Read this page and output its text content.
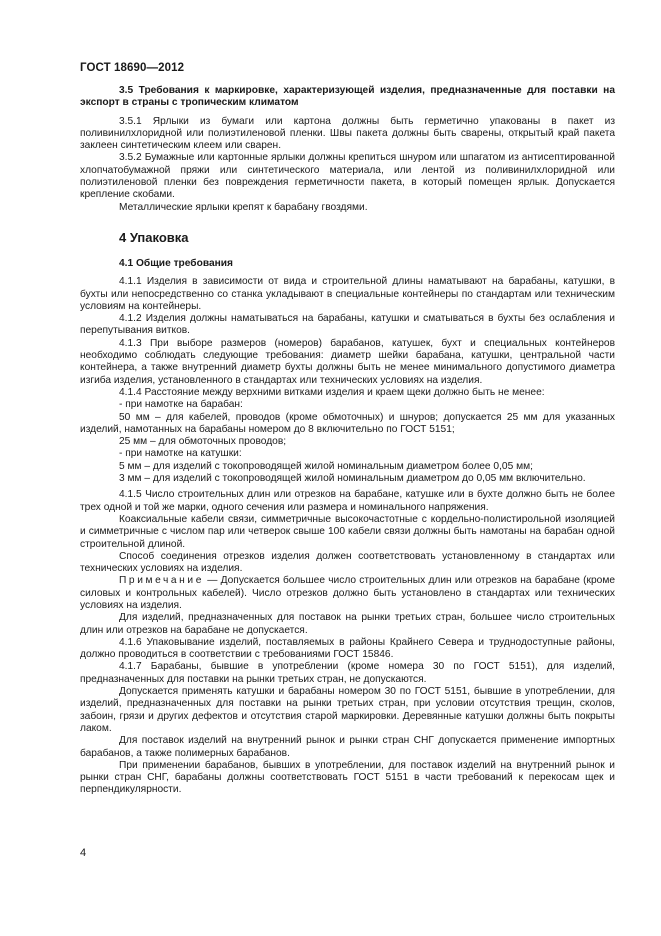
ГОСТ 18690—2012

3.5 Требования к маркировке, характеризующей изделия, предназначенные для поставки на экспорт в страны с тропическим климатом

3.5.1 Ярлыки из бумаги или картона должны быть герметично упакованы в пакет из поливинилхлоридной или полиэтиленовой пленки. Швы пакета должны быть сварены, открытый край пакета заклеен синтетическим клеем или сварен.

3.5.2 Бумажные или картонные ярлыки должны крепиться шнуром или шпагатом из антисептированной хлопчатобумажной пряжи или синтетического материала, или лентой из поливинилхлоридной или полиэтиленовой пленки без повреждения герметичности пакета, в который помещен ярлык. Допускается крепление скобами.

Металлические ярлыки крепят к барабану гвоздями.

4 Упаковка
4.1 Общие требования

4.1.1 Изделия в зависимости от вида и строительной длины наматывают на барабаны, катушки, в бухты или непосредственно со станка укладывают в специальные контейнеры по стандартам или техническим условиям на контейнеры.

4.1.2 Изделия должны наматываться на барабаны, катушки и сматываться в бухты без ослабления и перепутывания витков.

4.1.3 При выборе размеров (номеров) барабанов, катушек, бухт и специальных контейнеров необходимо соблюдать следующие требования: диаметр шейки барабана, катушки, центральной части контейнера, а также внутренний диаметр бухты должны быть не менее минимального допустимого диаметра изгиба изделия, установленного в стандартах или технических условиях на изделия.

4.1.4 Расстояние между верхними витками изделия и краем щеки должно быть не менее:

- при намотке на барабан:

50 мм – для кабелей, проводов (кроме обмоточных) и шнуров; допускается 25 мм для указанных изделий, намотанных на барабаны номером до 8 включительно по ГОСТ 5151;

25 мм – для обмоточных проводов;

- при намотке на катушки:

5 мм – для изделий с токопроводящей жилой номинальным диаметром более 0,05 мм;

3 мм – для изделий с токопроводящей жилой номинальным диаметром до 0,05 мм включительно.

4.1.5 Число строительных длин или отрезков на барабане, катушке или в бухте должно быть не более трех одной и той же марки, одного сечения или размера и номинального напряжения.

Коаксиальные кабели связи, симметричные высокочастотные с кордельно-полистирольной изоляцией и симметричные с числом пар или четверок свыше 100 кабели связи должны быть намотаны на барабан одной строительной длиной.

Способ соединения отрезков изделия должен соответствовать установленному в стандартах или технических условиях на изделия.

Примечание — Допускается большее число строительных длин или отрезков на барабане (кроме силовых и контрольных кабелей). Число отрезков должно быть установлено в стандартах или технических условиях на изделия.

Для изделий, предназначенных для поставок на рынки третьих стран, большее число строительных длин или отрезков на барабане не допускается.

4.1.6 Упаковывание изделий, поставляемых в районы Крайнего Севера и труднодоступные районы, должно проводиться в соответствии с требованиями ГОСТ 15846.

4.1.7 Барабаны, бывшие в употреблении (кроме номера 30 по ГОСТ 5151), для изделий, предназначенных для поставки на рынки третьих стран, не допускаются.

Допускается применять катушки и барабаны номером 30 по ГОСТ 5151, бывшие в употреблении, для изделий, предназначенных для поставки на рынки третьих стран, при условии отсутствия трещин, сколов, забоин, грязи и других дефектов и отсутствия старой маркировки. Деревянные катушки должны быть покрыты лаком.

Для поставок изделий на внутренний рынок и рынки стран СНГ допускается применение импортных барабанов, а также полимерных барабанов.

При применении барабанов, бывших в употреблении, для поставок изделий на внутренний рынок и рынки стран СНГ, барабаны должны соответствовать ГОСТ 5151 в части требований к перекосам щек и перпендикулярности.

4
